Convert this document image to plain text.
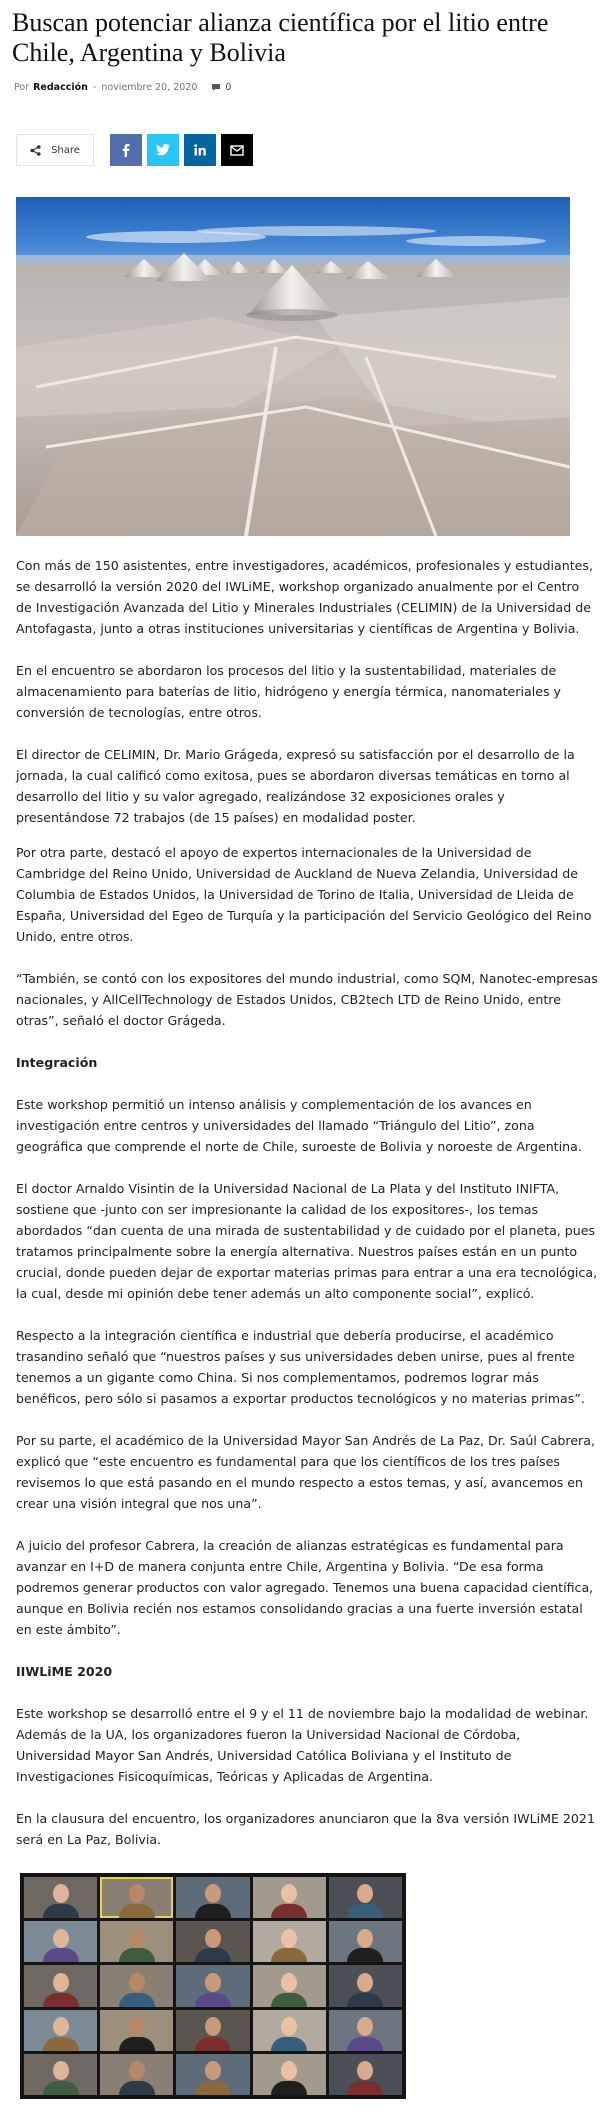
Buscan potenciar alianza científica por el litio entre Chile, Argentina y Bolivia
Por Redacción - noviembre 20, 2020	0
Share

Con más de 150 asistentes, entre investigadores, académicos, profesionales y estudiantes, se desarrolló la versión 2020 del IWLiME, workshop organizado anualmente por el Centro de Investigación Avanzada del Litio y Minerales Industriales (CELIMIN) de la Universidad de Antofagasta, junto a otras instituciones universitarias y científicas de Argentina y Bolivia.

En el encuentro se abordaron los procesos del litio y la sustentabilidad, materiales de almacenamiento para baterías de litio, hidrógeno y energía térmica, nanomateriales y conversión de tecnologías, entre otros.

El director de CELIMIN, Dr. Mario Grágeda, expresó su satisfacción por el desarrollo de la jornada, la cual calificó como exitosa, pues se abordaron diversas temáticas en torno al desarrollo del litio y su valor agregado, realizándose 32 exposiciones orales y presentándose 72 trabajos (de 15 países) en modalidad poster.

Por otra parte, destacó el apoyo de expertos internacionales de la Universidad de Cambridge del Reino Unido, Universidad de Auckland de Nueva Zelandia, Universidad de Columbia de Estados Unidos, la Universidad de Torino de Italia, Universidad de Lleida de España, Universidad del Egeo de Turquía y la participación del Servicio Geológico del Reino Unido, entre otros.

“También, se contó con los expositores del mundo industrial, como SQM, Nanotec-empresas nacionales, y AllCellTechnology de Estados Unidos, CB2tech LTD de Reino Unido, entre otras”, señaló el doctor Grágeda.

Integración

Este workshop permitió un intenso análisis y complementación de los avances en investigación entre centros y universidades del llamado “Triángulo del Litio”, zona geográfica que comprende el norte de Chile, suroeste de Bolivia y noroeste de Argentina.

El doctor Arnaldo Visintin de la Universidad Nacional de La Plata y del Instituto INIFTA, sostiene que -junto con ser impresionante la calidad de los expositores-, los temas abordados “dan cuenta de una mirada de sustentabilidad y de cuidado por el planeta, pues tratamos principalmente sobre la energía alternativa. Nuestros países están en un punto crucial, donde pueden dejar de exportar materias primas para entrar a una era tecnológica, la cual, desde mi opinión debe tener además un alto componente social”, explicó.

Respecto a la integración científica e industrial que debería producirse, el académico trasandino señaló que “nuestros países y sus universidades deben unirse, pues al frente tenemos a un gigante como China. Si nos complementamos, podremos lograr más benéficos, pero sólo si pasamos a exportar productos tecnológicos y no materias primas”.

Por su parte, el académico de la Universidad Mayor San Andrés de La Paz, Dr. Saúl Cabrera, explicó que “este encuentro es fundamental para que los científicos de los tres países revisemos lo que está pasando en el mundo respecto a estos temas, y así, avancemos en crear una visión integral que nos una”.

A juicio del profesor Cabrera, la creación de alianzas estratégicas es fundamental para avanzar en I+D de manera conjunta entre Chile, Argentina y Bolivia. “De esa forma podremos generar productos con valor agregado. Tenemos una buena capacidad científica, aunque en Bolivia recién nos estamos consolidando gracias a una fuerte inversión estatal en este ámbito”.

IIWLiME 2020

Este workshop se desarrolló entre el 9 y el 11 de noviembre bajo la modalidad de webinar. Además de la UA, los organizadores fueron la Universidad Nacional de Córdoba, Universidad Mayor San Andrés, Universidad Católica Boliviana y el Instituto de Investigaciones Fisicoquímicas, Teóricas y Aplicadas de Argentina.

En la clausura del encuentro, los organizadores anunciaron que la 8va versión IWLiME 2021 será en La Paz, Bolivia.
